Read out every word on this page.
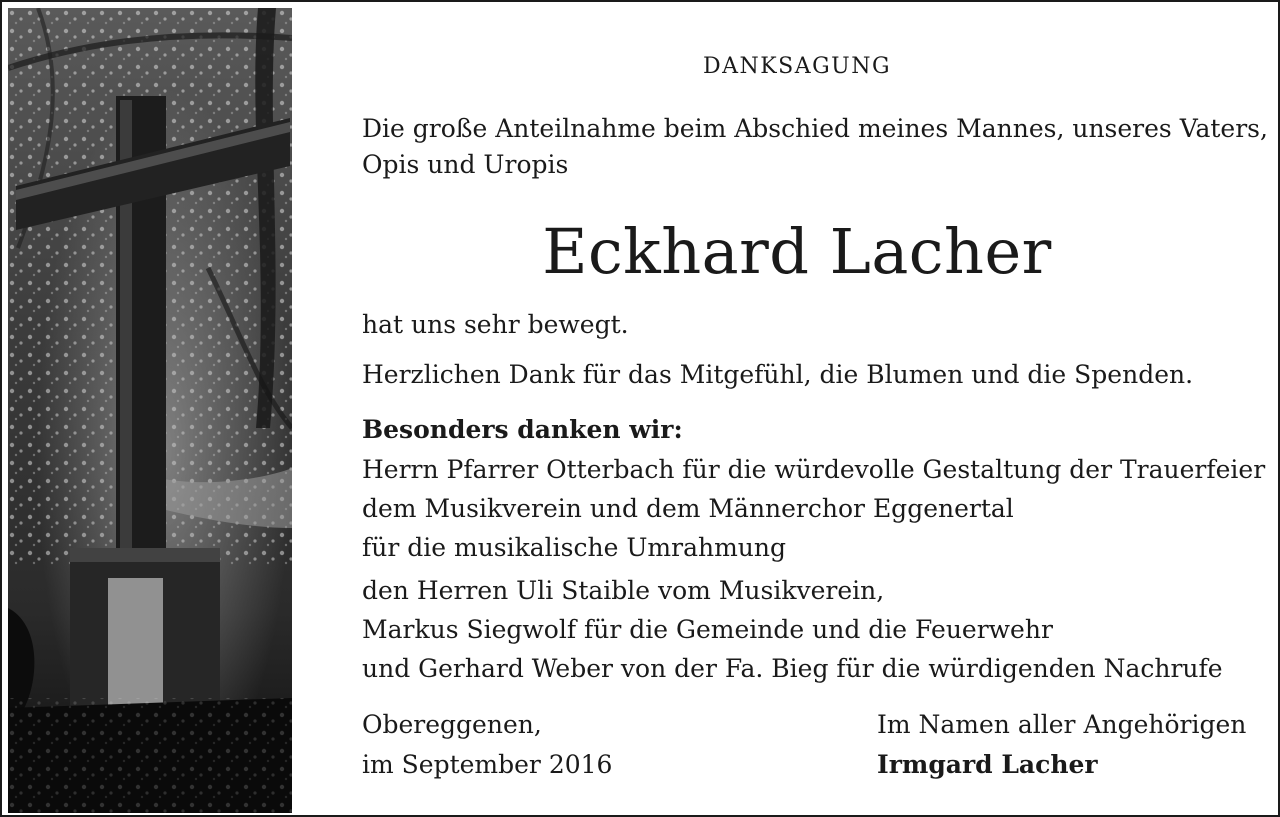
DANKSAGUNG
Die große Anteilnahme beim Abschied meines Mannes, unseres Vaters,
Opis und Uropis
Eckhard Lacher
hat uns sehr bewegt.
Herzlichen Dank für das Mitgefühl, die Blumen und die Spenden.
Besonders danken wir:
Herrn Pfarrer Otterbach für die würdevolle Gestaltung der Trauerfeier
dem Musikverein und dem Männerchor Eggenertal
für die musikalische Umrahmung
den Herren Uli Staible vom Musikverein,
Markus Siegwolf für die Gemeinde und die Feuerwehr
und Gerhard Weber von der Fa. Bieg für die würdigenden Nachrufe
Obereggenen,
im September 2016
Im Namen aller Angehörigen
Irmgard Lacher
